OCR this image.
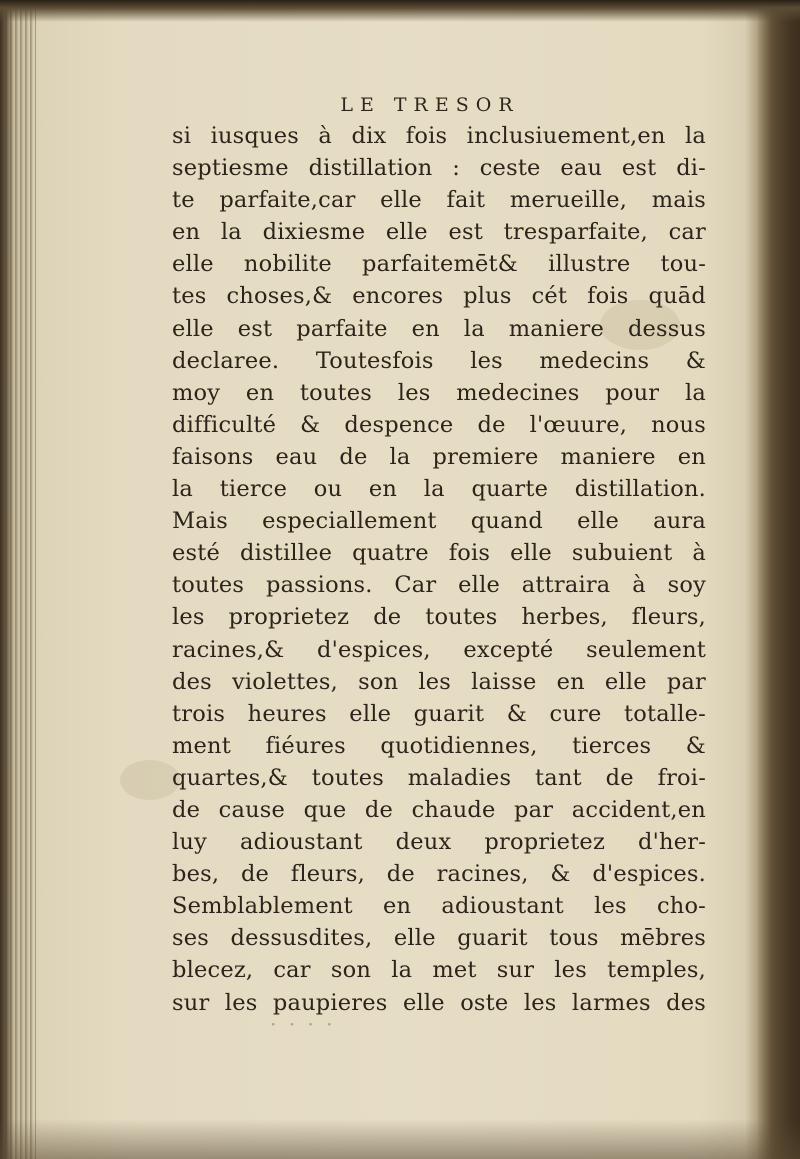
LE TRESOR
si iusques à dix fois inclusiuement,en la
septiesme distillation : ceste eau est di-
te parfaite,car elle fait merueille, mais
en la dixiesme elle est tresparfaite, car
elle nobilite parfaitemēt& illustre tou-
tes choses,& encores plus cét fois quād
elle est parfaite en la maniere dessus
declaree. Toutesfois les medecins &
moy en toutes les medecines pour la
difficulté & despence de l'œuure, nous
faisons eau de la premiere maniere en
la tierce ou en la quarte distillation.
Mais especiallement quand elle aura
esté distillee quatre fois elle subuient à
toutes passions. Car elle attraira à soy
les proprietez de toutes herbes, fleurs,
racines,& d'espices, excepté seulement
des violettes, son les laisse en elle par
trois heures elle guarit & cure totalle-
ment fiéures quotidiennes, tierces &
quartes,& toutes maladies tant de froi-
de cause que de chaude par accident,en
luy adioustant deux proprietez d'her-
bes, de fleurs, de racines, & d'espices.
Semblablement en adioustant les cho-
ses dessusdites, elle guarit tous mēbres
blecez, car son la met sur les temples,
sur les paupieres elle oste les larmes des
· · · ·
